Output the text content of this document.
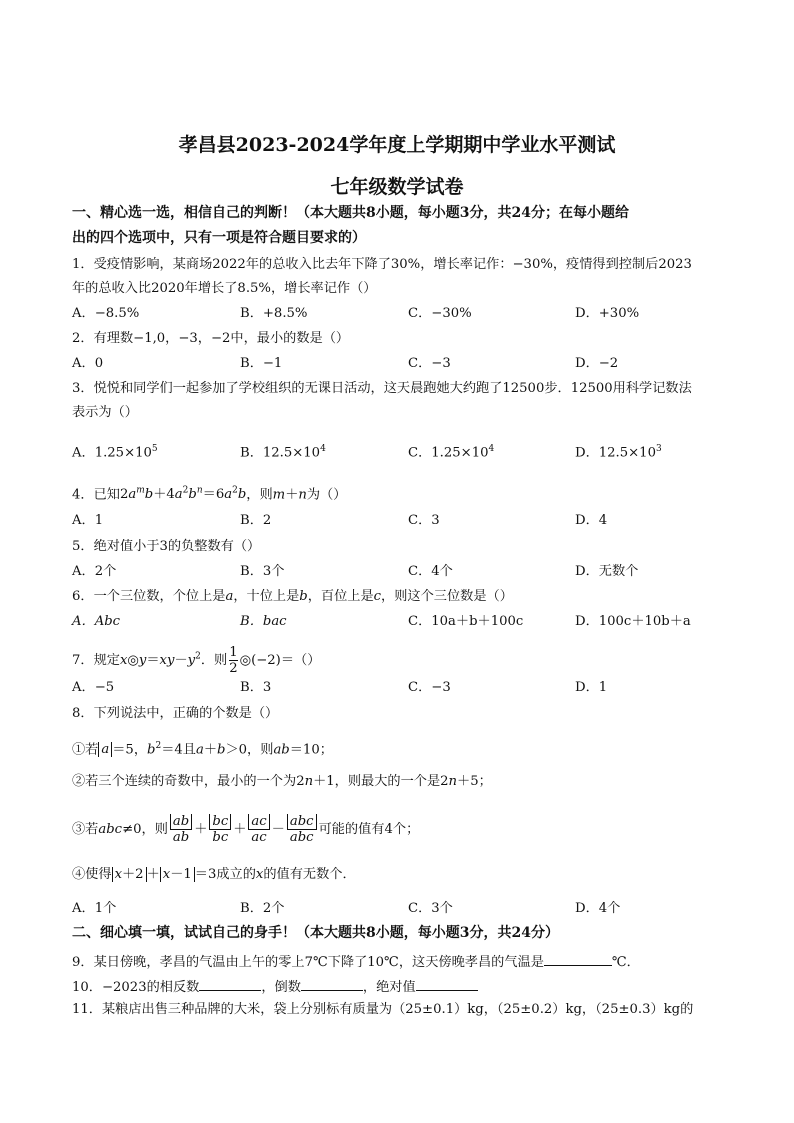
孝昌县2023-2024学年度上学期期中学业水平测试
七年级数学试卷
一、精心选一选，相信自己的判断！（本大题共8小题，每小题3分，共24分；在每小题给
出的四个选项中，只有一项是符合题目要求的）
1．受疫情影响，某商场2022年的总收入比去年下降了30%，增长率记作：−30%，疫情得到控制后2023
年的总收入比2020年增长了8.5%，增长率记作（）
A．−8.5%	B．+8.5%	C．−30%	D．+30%
2．有理数−1,0，−3，−2中，最小的数是（）
A．0	B．−1	C．−3	D．−2
3．悦悦和同学们一起参加了学校组织的无课日活动，这天晨跑她大约跑了12500步．12500用科学记数法
表示为（）
A．$1.25\times 10^5$	B．$12.5\times 10^4$	C．$1.25\times 10^4$	D．$12.5\times 10^3$
4．已知$2a^mb+4a^2b^n=6a^2b$，则m＋n为（）
A．1	B．2	C．3	D．4
5．绝对值小于3的负整数有（）
A．2个	B．3个	C．4个	D．无数个
6．一个三位数，个位上是a，十位上是b，百位上是c，则这个三位数是（）
A．Abc	B．bac	C．10a＋b＋100c	D．100c＋10b＋a
7．规定$x◎y=xy-y^2$．则 $\frac{1}{2}$ ◎(−2)＝（）
A．−5	B．3	C．−3	D．1
8．下列说法中，正确的个数是（）
①若 a ＝5，$b^2=4$且a＋b＞0，则ab＝10；
②若三个连续的奇数中，最小的一个为2n＋1，则最大的一个是2n＋5；
③若abc≠0，则 $\frac{ab}{ab} + \frac{bc}{bc} + \frac{ac}{ac} - \frac{\text{abc}}{\text{abc}}$ 可能的值有4个；
④使得 x＋2 ＋ x－1 ＝3成立的x的值有无数个．
A．1个	B．2个	C．3个	D．4个
二、细心填一填，试试自己的身手！（本大题共8小题，每小题3分，共24分）
9．某日傍晚，孝昌的气温由上午的零上7℃下降了10℃，这天傍晚孝昌的气温是	℃．
10．−2023的相反数	，倒数	，绝对值
11．某粮店出售三种品牌的大米，袋上分别标有质量为（25±0.1）kg，（25±0.2）kg，（25±0.3）kg的
